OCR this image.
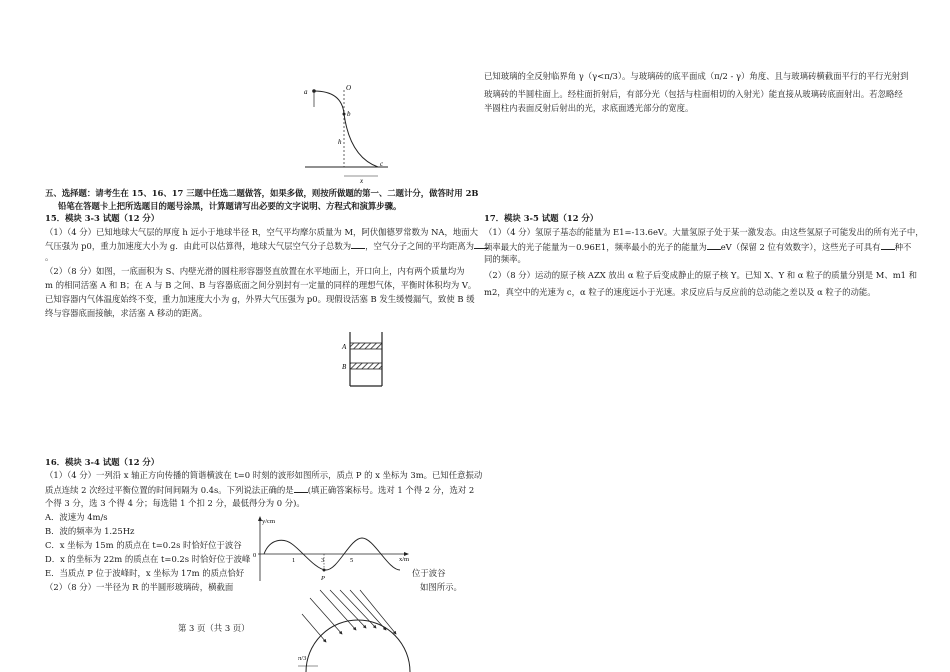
a	O
b
h
c
x
五、选择题：请考生在 15、16、17 三题中任选二题做答，如果多做，则按所做题的第一、二题计分，做答时用 2B
铅笔在答题卡上把所选题目的题号涂黑，计算题请写出必要的文字说明、方程式和演算步骤。
15．模块 3-3 试题（12 分）
（1）（4 分）已知地球大气层的厚度 h 远小于地球半径 R，空气平均摩尔质量为 M，阿伏伽德罗常数为 NA，地面大
气压强为 p0，重力加速度大小为 g．由此可以估算得，地球大气层空气分子总数为 ，空气分子之间的平均距离为
。
（2）（8 分）如图，一底面积为 S、内壁光滑的圆柱形容器竖直放置在水平地面上，开口向上，内有两个质量均为
m 的相同活塞 A 和 B；在 A 与 B 之间、B 与容器底面之间分别封有一定量的同样的理想气体，平衡时体积均为 V。
已知容器内气体温度始终不变，重力加速度大小为 g，外界大气压强为 p0。现假设活塞 B 发生缓慢漏气，致使 B 缓
终与容器底面接触，求活塞 A 移动的距离。
A
B
16．模块 3-4 试题（12 分）
（1）（4 分）一列沿 x 轴正方向传播的简谐横波在 t=0 时刻的波形如图所示，质点 P 的 x 坐标为 3m。已知任意振动
质点连续 2 次经过平衡位置的时间间隔为 0.4s。下列说法正确的是 (填正确答案标号。选对 1 个得 2 分，选对 2
个得 3 分，选 3 个得 4 分；每选错 1 个扣 2 分，最低得分为 0 分)。
A．波速为 4m/s
B．波的频率为 1.25Hz
C．x 坐标为 15m 的质点在 t=0.2s 时恰好位于波谷
D．x 的坐标为 22m 的质点在 t=0.2s 时恰好位于波峰
E．当质点 P 位于波峰时，x 坐标为 17m 的质点恰好	位于波谷
（2）（8 分）一半径为 R 的半圆形玻璃砖，横截面	如图所示。
y/cm
x/m
0
1	3	5
P
π/3
第 3 页（共 3 页）
已知玻璃的全反射临界角 γ（γ<π/3）。与玻璃砖的底平面成（π/2 - γ）角度、且与玻璃砖横截面平行的平行光射到
玻璃砖的半圆柱面上。经柱面折射后，有部分光（包括与柱面相切的入射光）能直接从玻璃砖底面射出。若忽略经
半圆柱内表面反射后射出的光，求底面透光部分的宽度。
17．模块 3-5 试题（12 分）
（1）（4 分）氢原子基态的能量为 E1=-13.6eV。大量氢原子处于某一激发态。由这些氢原子可能发出的所有光子中，
频率最大的光子能量为－0.96E1，频率最小的光子的能量为 eV（保留 2 位有效数字），这些光子可具有 种不
同的频率。
（2）（8 分）运动的原子核 AZX 放出 α 粒子后变成静止的原子核 Y。已知 X、Y 和 α 粒子的质量分别是 M、m1 和
m2，真空中的光速为 c，α 粒子的速度远小于光速。求反应后与反应前的总动能之差以及 α 粒子的动能。
